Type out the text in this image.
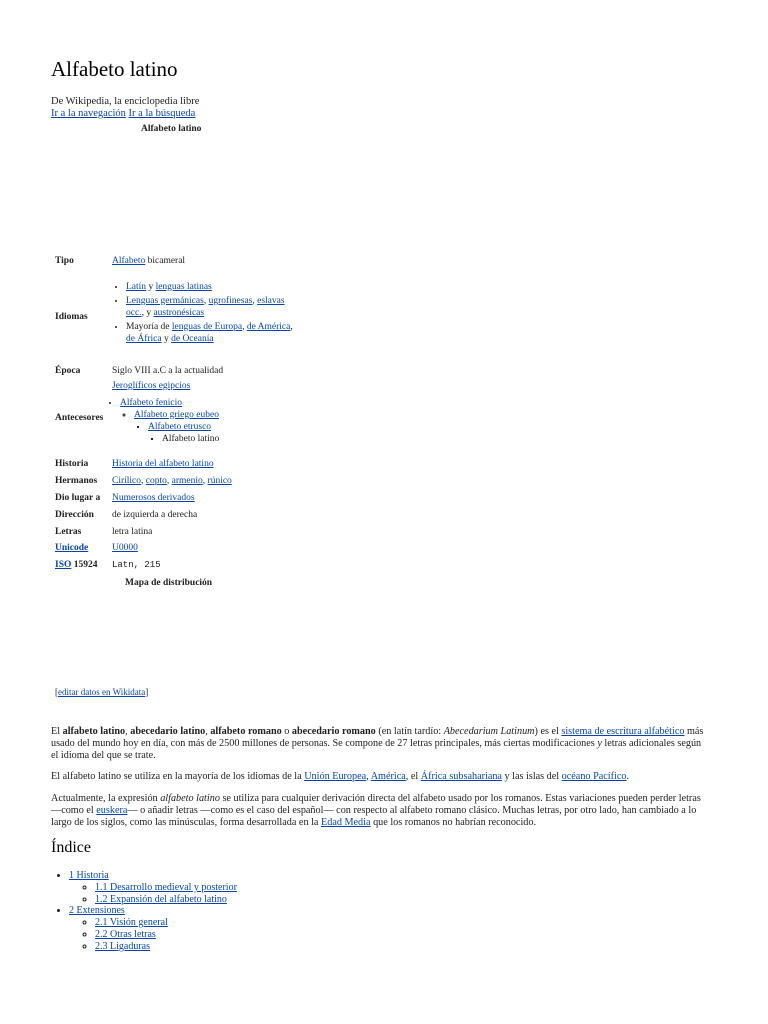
Alfabeto latino
De Wikipedia, la enciclopedia libre
Ir a la navegación Ir a la búsqueda
Alfabeto latino
Tipo	Alfabeto bicameral
Idiomas
• Latín y lenguas latinas
• Lenguas germánicas, ugrofinesas, eslavas occ., y austronésicas
• Mayoría de lenguas de Europa, de América, de África y de Oceanía
Época	Siglo VIII a.C a la actualidad
Antecesores
Jeroglíficos egipcios
• Alfabeto fenicio
◦ Alfabeto griego eubeo
▪ Alfabeto etrusco
▪ Alfabeto latino
Historia	Historia del alfabeto latino
Hermanos	Cirílico, copto, armenio, rúnico
Dio lugar a	Numerosos derivados
Dirección	de izquierda a derecha
Letras	letra latina
Unicode	U0000
ISO 15924	Latn, 215
Mapa de distribución
[ editar datos en Wikidata ]

El alfabeto latino, abecedario latino, alfabeto romano o abecedario romano (en latín tardío: Abecedarium Latinum) es el sistema de escritura alfabético más usado del mundo hoy en día, con más de 2500 millones de personas. Se compone de 27 letras principales, más ciertas modificaciones y letras adicionales según el idioma del que se trate.

El alfabeto latino se utiliza en la mayoría de los idiomas de la Unión Europea, América, el África subsahariana y las islas del océano Pacífico.

Actualmente, la expresión alfabeto latino se utiliza para cualquier derivación directa del alfabeto usado por los romanos. Estas variaciones pueden perder letras —como el euskera— o añadir letras —como es el caso del español— con respecto al alfabeto romano clásico. Muchas letras, por otro lado, han cambiado a lo largo de los siglos, como las minúsculas, forma desarrollada en la Edad Media que los romanos no habrían reconocido.

Índice
• 1 Historia
◦ 1.1 Desarrollo medieval y posterior
◦ 1.2 Expansión del alfabeto latino
• 2 Extensiones
◦ 2.1 Visión general
◦ 2.2 Otras letras
◦ 2.3 Ligaduras
